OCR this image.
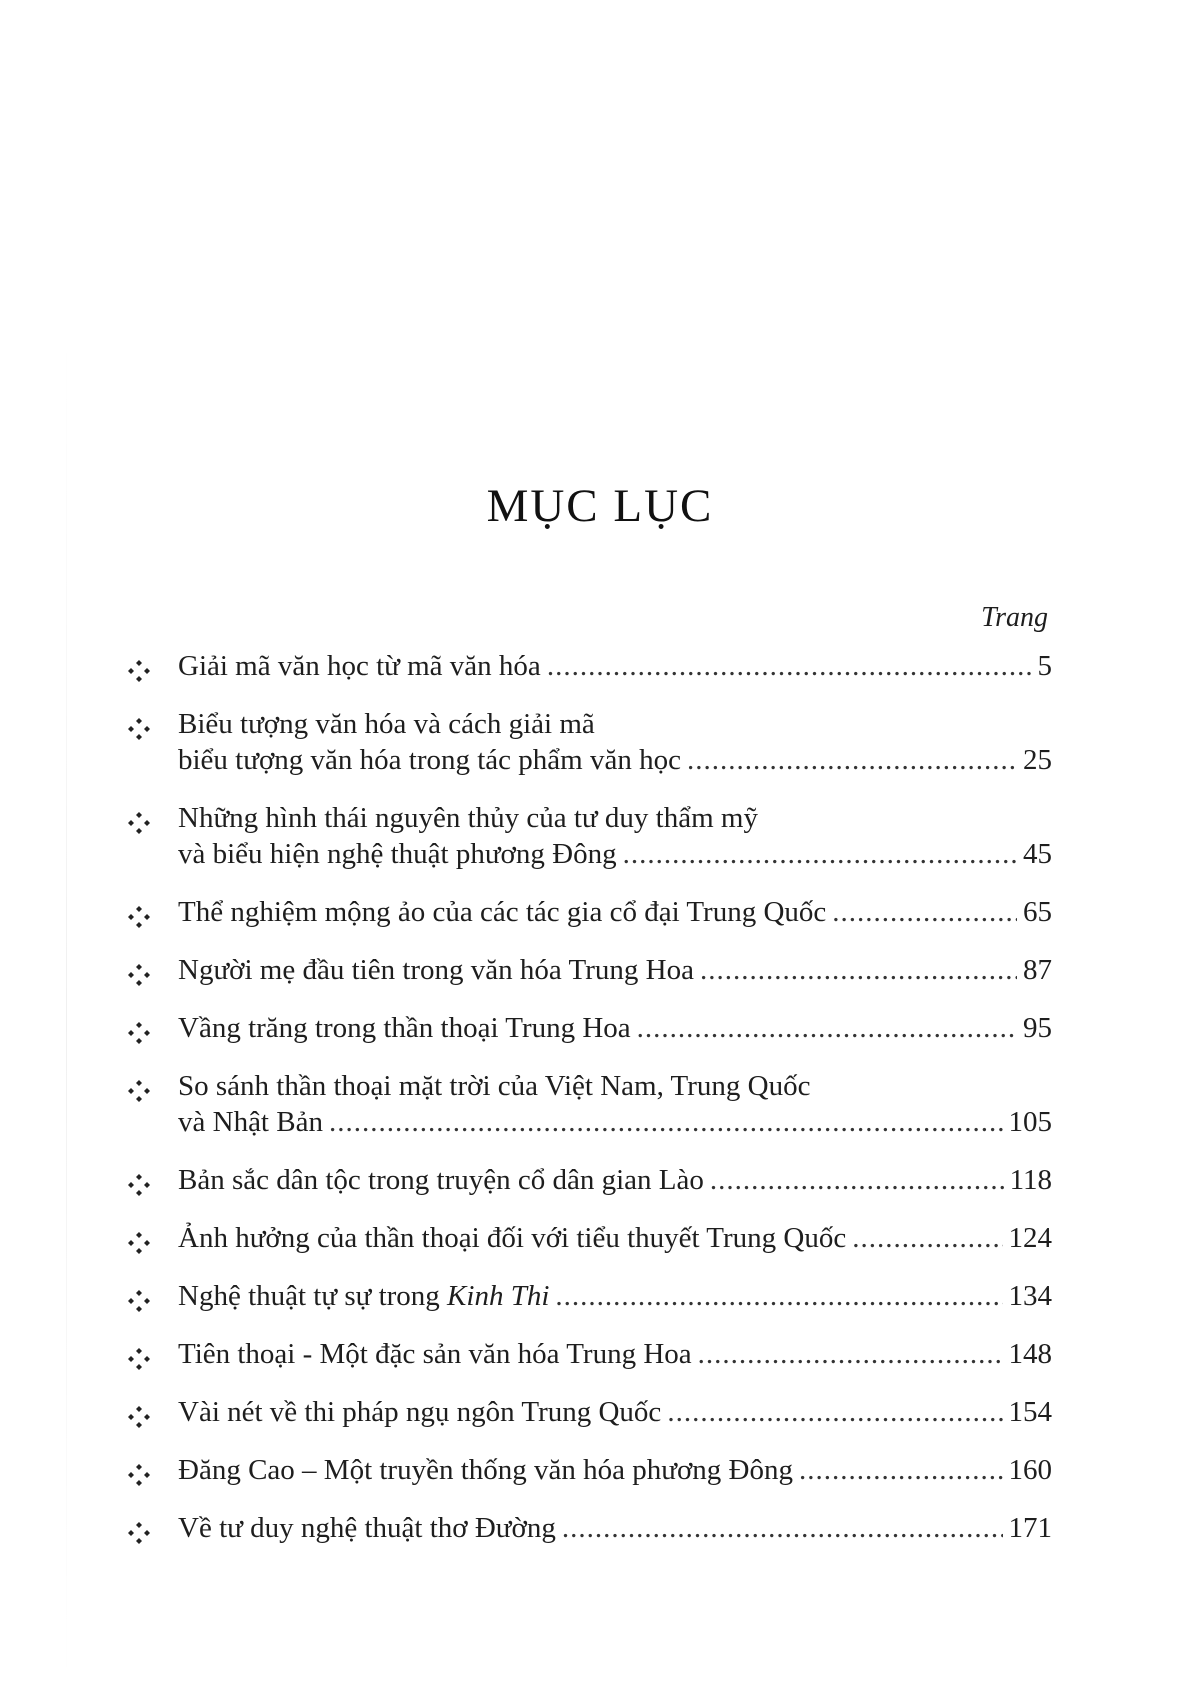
MỤC LỤC
Trang
Giải mã văn học từ mã văn hóa .....	5
Biểu tượng văn hóa và cách giải mã
biểu tượng văn hóa trong tác phẩm văn học .....	25
Những hình thái nguyên thủy của tư duy thẩm mỹ
và biểu hiện nghệ thuật phương Đông .....	45
Thể nghiệm mộng ảo của các tác gia cổ đại Trung Quốc .....	65
Người mẹ đầu tiên trong văn hóa Trung Hoa .....	87
Vầng trăng trong thần thoại Trung Hoa .....	95
So sánh thần thoại mặt trời của Việt Nam, Trung Quốc
và Nhật Bản .....	105
Bản sắc dân tộc trong truyện cổ dân gian Lào .....	118
Ảnh hưởng của thần thoại đối với tiểu thuyết Trung Quốc .....	124
Nghệ thuật tự sự trong Kinh Thi .....	134
Tiên thoại - Một đặc sản văn hóa Trung Hoa .....	148
Vài nét về thi pháp ngụ ngôn Trung Quốc .....	154
Đăng Cao – Một truyền thống văn hóa phương Đông .....	160
Về tư duy nghệ thuật thơ Đường .....	171
